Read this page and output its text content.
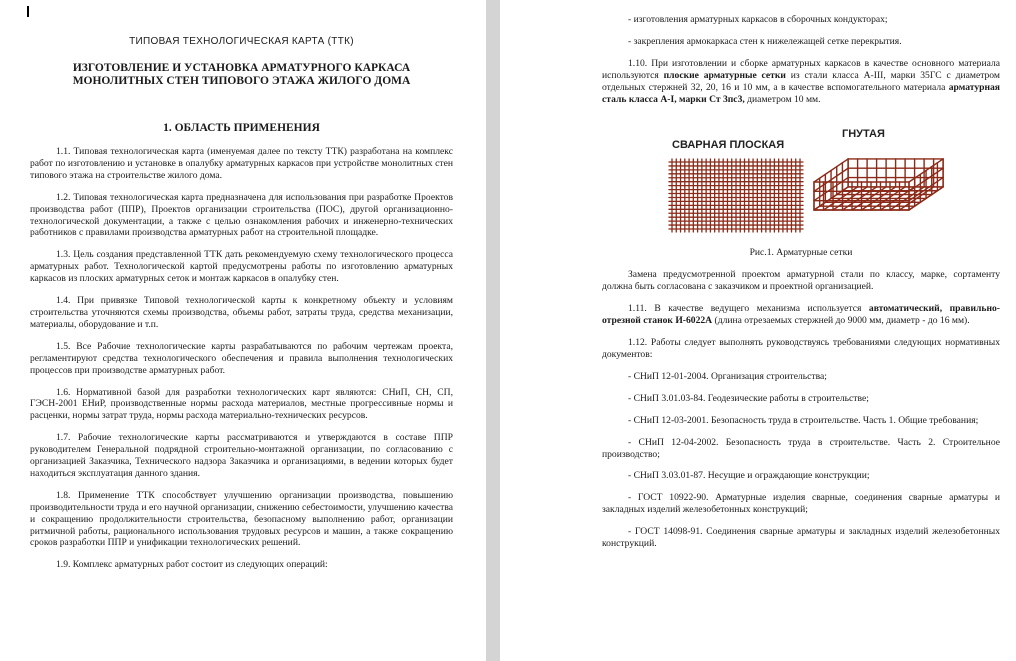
ТИПОВАЯ ТЕХНОЛОГИЧЕСКАЯ КАРТА (ТТК)
ИЗГОТОВЛЕНИЕ И УСТАНОВКА АРМАТУРНОГО КАРКАСА МОНОЛИТНЫХ СТЕН ТИПОВОГО ЭТАЖА ЖИЛОГО ДОМА
1. ОБЛАСТЬ ПРИМЕНЕНИЯ

1.1. Типовая технологическая карта (именуемая далее по тексту ТТК) разработана на комплекс работ по изготовлению и установке в опалубку арматурных каркасов при устройстве монолитных стен типового этажа на строительстве жилого дома.

1.2. Типовая технологическая карта предназначена для использования при разработке Проектов производства работ (ППР), Проектов организации строительства (ПОС), другой организационно-технологической документации, а также с целью ознакомления рабочих и инженерно-технических работников с правилами производства арматурных работ на строительной площадке.

1.3. Цель создания представленной ТТК дать рекомендуемую схему технологического процесса арматурных работ. Технологической картой предусмотрены работы по изготовлению арматурных каркасов из плоских арматурных сеток и монтаж каркасов в опалубку стен.

1.4. При привязке Типовой технологической карты к конкретному объекту и условиям строительства уточняются схемы производства, объемы работ, затраты труда, средства механизации, материалы, оборудование и т.п.

1.5. Все Рабочие технологические карты разрабатываются по рабочим чертежам проекта, регламентируют средства технологического обеспечения и правила выполнения технологических процессов при производстве арматурных работ.

1.6. Нормативной базой для разработки технологических карт являются: СНиП, СН, СП, ГЭСН-2001 ЕНиР, производственные нормы расхода материалов, местные прогрессивные нормы и расценки, нормы затрат труда, нормы расхода материально-технических ресурсов.

1.7. Рабочие технологические карты рассматриваются и утверждаются в составе ППР руководителем Генеральной подрядной строительно-монтажной организации, по согласованию с организацией Заказчика, Технического надзора Заказчика и организациями, в ведении которых будет находиться эксплуатация данного здания.

1.8. Применение ТТК способствует улучшению организации производства, повышению производительности труда и его научной организации, снижению себестоимости, улучшению качества и сокращению продолжительности строительства, безопасному выполнению работ, организации ритмичной работы, рационального использования трудовых ресурсов и машин, а также сокращению сроков разработки ППР и унификации технологических решений.

1.9. Комплекс арматурных работ состоит из следующих операций:

- изготовления арматурных каркасов в сборочных кондукторах;

- закрепления армокаркаса стен к нижележащей сетке перекрытия.

1.10. При изготовлении и сборке арматурных каркасов в качестве основного материала используются плоские арматурные сетки из стали класса А-III, марки 35ГС с диаметром отдельных стержней 32, 20, 16 и 10 мм, а в качестве вспомогательного материала арматурная сталь класса А-I, марки Ст 3пс3, диаметром 10 мм.

СВАРНАЯ ПЛОСКАЯ
ГНУТАЯ
Рис.1. Арматурные сетки

Замена предусмотренной проектом арматурной стали по классу, марке, сортаменту должна быть согласована с заказчиком и проектной организацией.

1.11. В качестве ведущего механизма используется автоматический, правильно-отрезной станок И-6022А (длина отрезаемых стержней до 9000 мм, диаметр - до 16 мм).

1.12. Работы следует выполнять руководствуясь требованиями следующих нормативных документов:

- СНиП 12-01-2004. Организация строительства;

- СНиП 3.01.03-84. Геодезические работы в строительстве;

- СНиП 12-03-2001. Безопасность труда в строительстве. Часть 1. Общие требования;

- СНиП 12-04-2002. Безопасность труда в строительстве. Часть 2. Строительное производство;

- СНиП 3.03.01-87. Несущие и ограждающие конструкции;

- ГОСТ 10922-90. Арматурные изделия сварные, соединения сварные арматуры и закладных изделий железобетонных конструкций;

- ГОСТ 14098-91. Соединения сварные арматуры и закладных изделий железобетонных конструкций.
